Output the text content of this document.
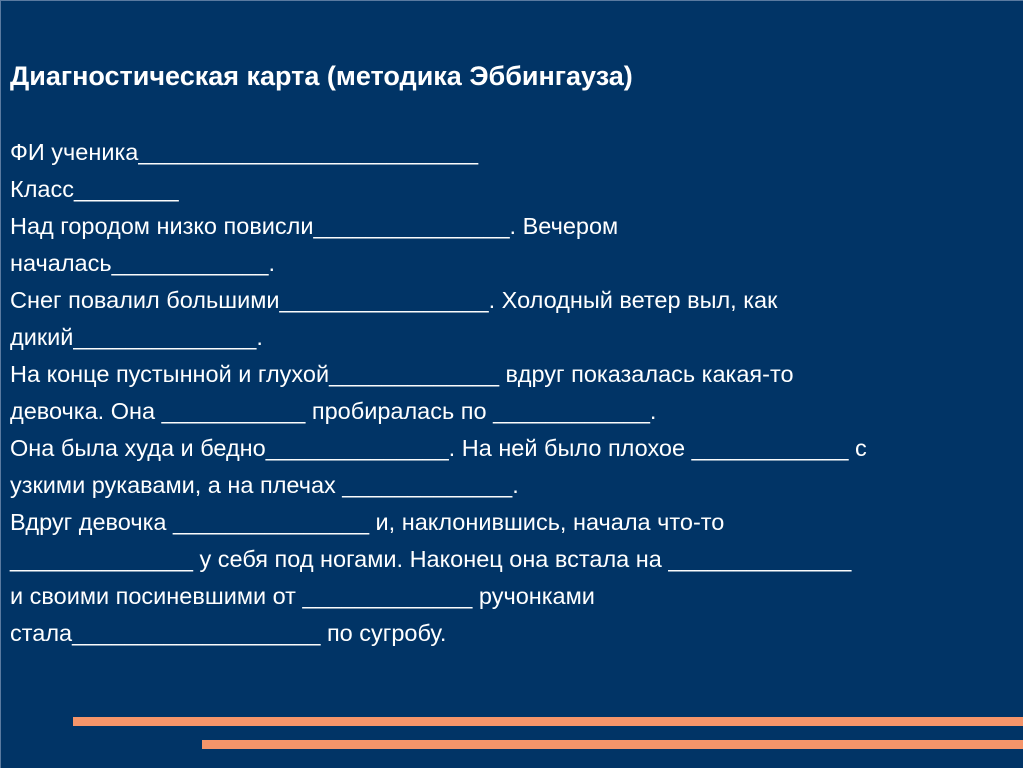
Диагностическая карта (методика Эббингауза)
ФИ ученика__________________________
Класс________
Над городом низко повисли_______________. Вечером
началась____________.
Снег повалил большими________________. Холодный ветер выл, как
дикий______________.
На конце пустынной и глухой_____________ вдруг показалась какая-то
девочка. Она ___________ пробиралась по ____________.
Она была худа и бедно______________. На ней было плохое ____________ с
узкими рукавами, а на плечах _____________.
Вдруг девочка _______________ и, наклонившись, начала что-то
______________ у себя под ногами. Наконец она встала на ______________
и своими посиневшими от _____________ ручонками
стала___________________ по сугробу.
